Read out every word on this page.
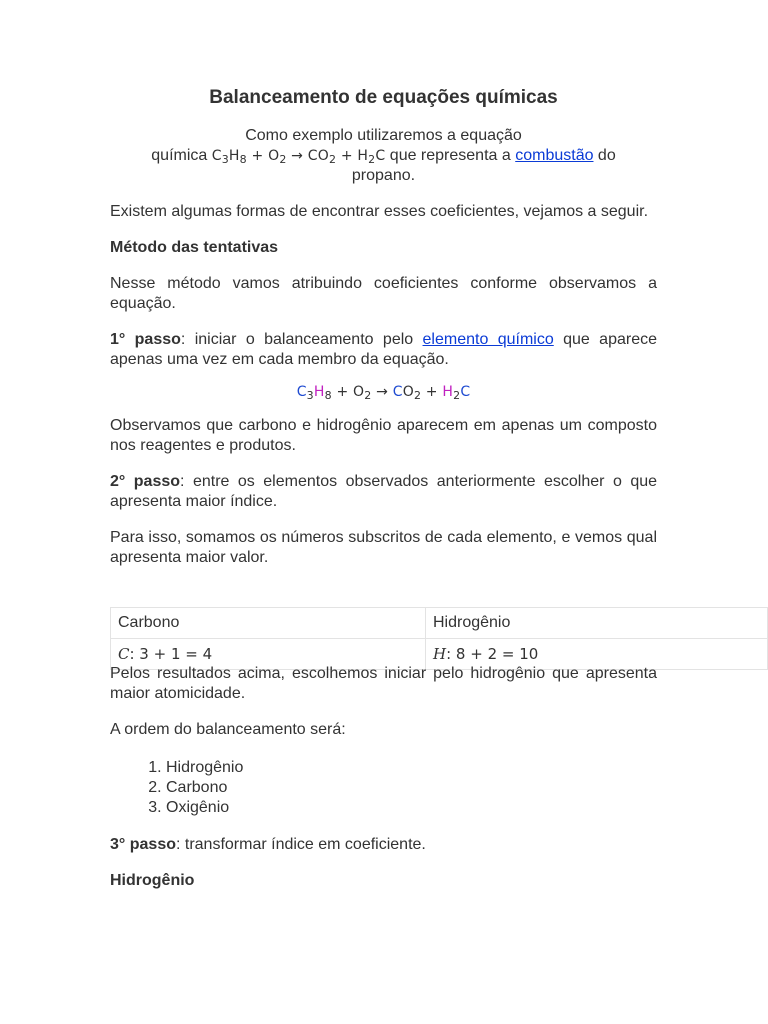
Balanceamento de equações químicas

Como exemplo utilizaremos a equação
química $C_3H_8 + O_2 \to CO_2 + H_2C$ que representa a combustão do
propano.

Existem algumas formas de encontrar esses coeficientes, vejamos a seguir.

Método das tentativas

Nesse método vamos atribuindo coeficientes conforme observamos a equação.

1° passo: iniciar o balanceamento pelo elemento químico que aparece apenas uma vez em cada membro da equação.

$C_3H_8 + O_2 \to CO_2 + H_2C$

Observamos que carbono e hidrogênio aparecem em apenas um composto nos reagentes e produtos.

2° passo: entre os elementos observados anteriormente escolher o que apresenta maior índice.

Para isso, somamos os números subscritos de cada elemento, e vemos qual apresenta maior valor.

Carbono	Hidrogênio
C: 3 + 1 = 4	H: 8 + 2 = 10

Pelos resultados acima, escolhemos iniciar pelo hidrogênio que apresenta maior atomicidade.

A ordem do balanceamento será:

1. Hidrogênio
2. Carbono
3. Oxigênio

3° passo: transformar índice em coeficiente.

Hidrogênio
